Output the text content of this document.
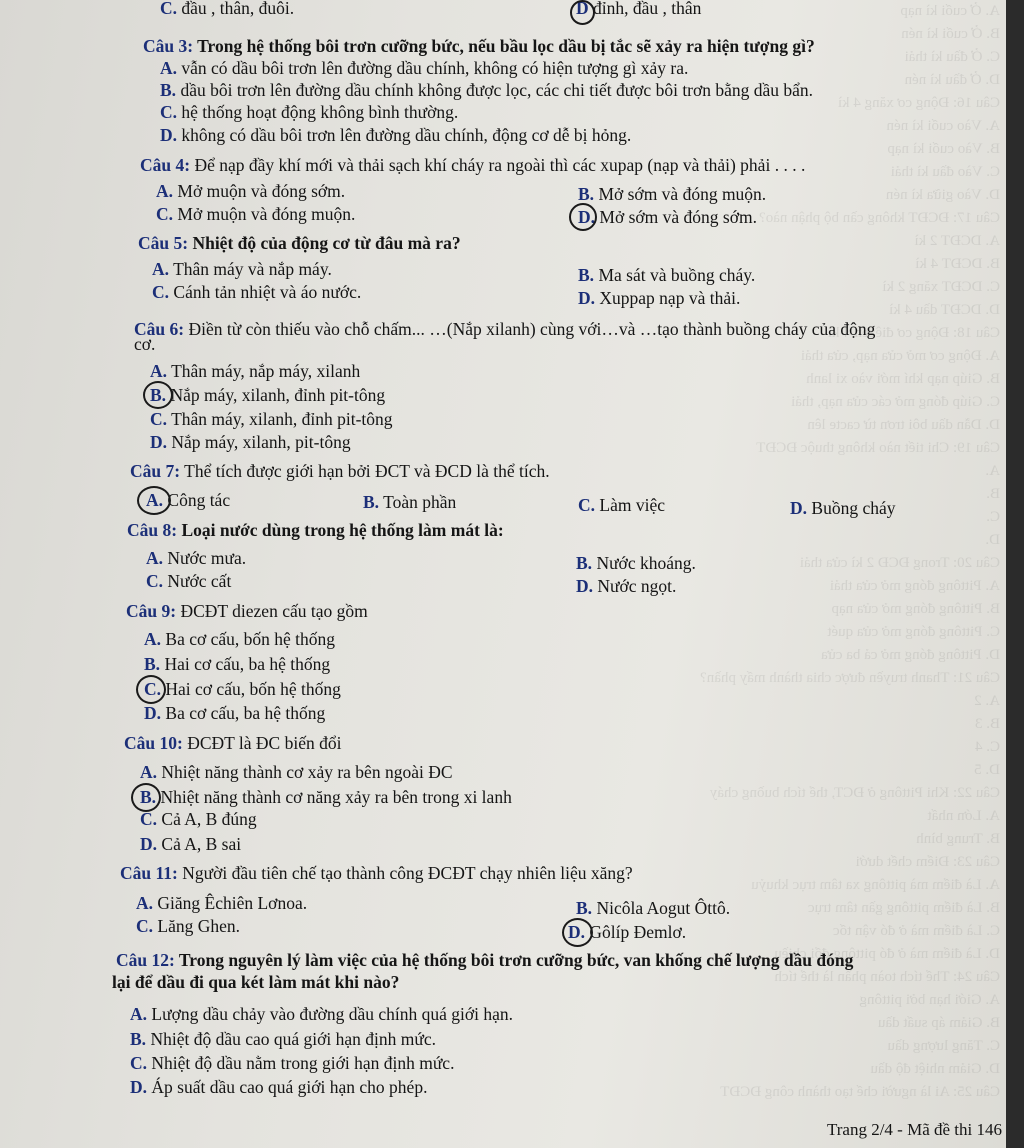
A. Ở cuối kì nạp
B. Ở cuối kì nén
C. Ở đầu kì thải
D. Ở đầu kì nén
Câu 16: Động cơ xăng 4 kì
A. Vào cuối kì nén
B. Vào cuối kì nạp
C. Vào đầu kì thải
D. Vào giữa kì nén
Câu 17: ĐCĐT không cần bộ phận nào?
A. DCĐT 2 kì
B. DCĐT 4 kì
C. DCĐT xăng 2 kì
D. DCĐT dầu 4 kì
Câu 18: Động cơ điêzen 4 kì
A. Động cơ mở cửa nạp, cửa thải
B. Giúp nạp khí mới vào xi lanh
C. Giúp đóng mở các cửa nạp, thải
D. Dẫn dầu bôi trơn từ cacte lên
Câu 19: Chi tiết nào không thuộc ĐCĐT
A.
B.
C.
D.
Câu 20: Trong ĐCĐ 2 kì cửa thải
A. Pittông đóng mở cửa thải
B. Pittông đóng mở cửa nạp
C. Pittông đóng mở cửa quét
D. Pittông đóng mở cả ba cửa
Câu 21: Thanh truyền được chia thành mấy phần?
A. 2
B. 3
C. 4
D. 5
Câu 22: Khi Pittông ở ĐCT, thể tích buồng cháy
A. Lớn nhất
B. Trung bình
Câu 23: Điểm chết dưới
A. Là điểm mà pittông xa tâm trục khuỷu
B. Là điểm pittông gần tâm trục
C. Là điểm mà ở đó vận tốc
D. Là điểm mà ở đó pittông đổi chiều
Câu 24: Thể tích toàn phần là thể tích
A. Giới hạn bởi pittông
B. Giảm áp suất dầu
C. Tăng lượng dầu
D. Giảm nhiệt độ dầu
Câu 25: Ai là người chế tạo thành công ĐCĐT
C. đầu , thân, đuôi.	D đỉnh, đầu , thân
Câu 3: Trong hệ thống bôi trơn cưỡng bức, nếu bầu lọc dầu bị tắc sẽ xảy ra hiện tượng gì?
A. vẫn có dầu bôi trơn lên đường dầu chính, không có hiện tượng gì xảy ra.
B. dầu bôi trơn lên đường dầu chính không được lọc, các chi tiết được bôi trơn bằng dầu bẩn.
C. hệ thống hoạt động không bình thường.
D. không có dầu bôi trơn lên đường dầu chính, động cơ dễ bị hỏng.
Câu 4: Để nạp đầy khí mới và thải sạch khí cháy ra ngoài thì các xupap (nạp và thải) phải . . . .
A. Mở muộn và đóng sớm.	B. Mở sớm và đóng muộn.
C. Mở muộn và đóng muộn.	D. Mở sớm và đóng sớm.
Câu 5: Nhiệt độ của động cơ từ đâu mà ra?
A. Thân máy và nắp máy.	B. Ma sát và buồng cháy.
C. Cánh tản nhiệt và áo nước.	D. Xuppap nạp và thải.
Câu 6: Điền từ còn thiếu vào chỗ chấm... …(Nắp xilanh) cùng với…và …tạo thành buồng cháy của động
cơ.
A. Thân máy, nắp máy, xilanh
B. Nắp máy, xilanh, đỉnh pit-tông
C. Thân máy, xilanh, đỉnh pit-tông
D. Nắp máy, xilanh, pit-tông
Câu 7: Thể tích được giới hạn bởi ĐCT và ĐCD là thể tích.
A. Công tác	B. Toàn phần	C. Làm việc	D. Buồng cháy
Câu 8: Loại nước dùng trong hệ thống làm mát là:
A. Nước mưa.	B. Nước khoáng.
C. Nước cất	D. Nước ngọt.
Câu 9: ĐCĐT diezen cấu tạo gồm
A. Ba cơ cấu, bốn hệ thống
B. Hai cơ cấu, ba hệ thống
C. Hai cơ cấu, bốn hệ thống
D. Ba cơ cấu, ba hệ thống
Câu 10: ĐCĐT là ĐC biến đổi
A. Nhiệt năng thành cơ xảy ra bên ngoài ĐC
B. Nhiệt năng thành cơ năng xảy ra bên trong xi lanh
C. Cả A, B đúng
D. Cả A, B sai
Câu 11: Người đầu tiên chế tạo thành công ĐCĐT chạy nhiên liệu xăng?
A. Giăng Êchiên Lơnoa.	B. Nicôla Aogut Ôttô.
C. Lăng Ghen.	D. Gôlíp Đemlơ.
Câu 12: Trong nguyên lý làm việc của hệ thống bôi trơn cưỡng bức, van khống chế lượng dầu đóng
lại để dầu đi qua két làm mát khi nào?
A. Lượng dầu chảy vào đường dầu chính quá giới hạn.
B. Nhiệt độ dầu cao quá giới hạn định mức.
C. Nhiệt độ dầu nằm trong giới hạn định mức.
D. Áp suất dầu cao quá giới hạn cho phép.
Trang 2/4 - Mã đề thi 146
